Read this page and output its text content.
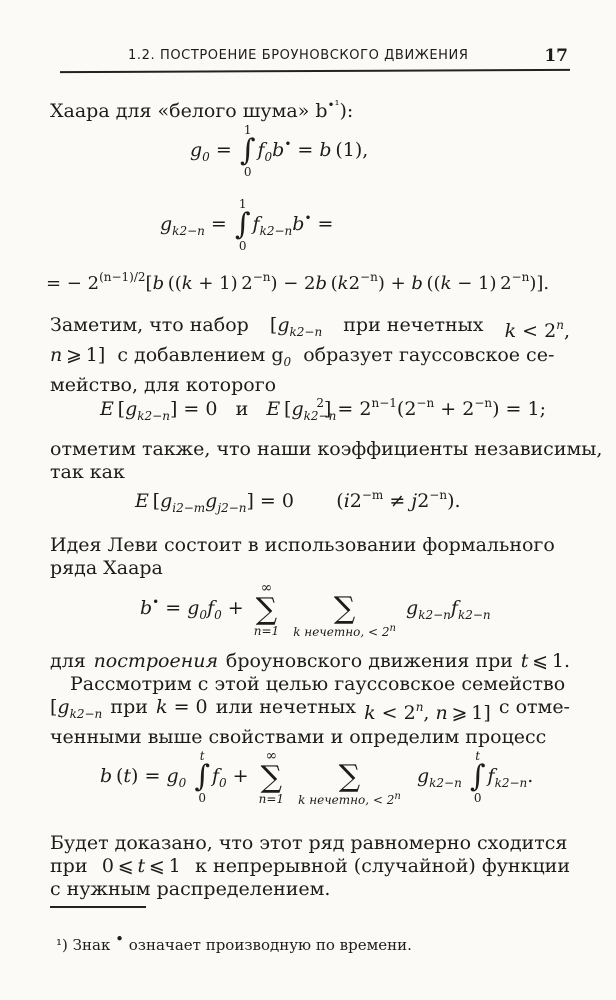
1.2. ПОСТРОЕНИЕ БРОУНОВСКОГО ДВИЖЕНИЯ	17
Хаара для «белого шума» $b^{•^1}$):
$g_0$ =
1
∫
0
$f_0b^• = b$ (1),
$g_{k2-n}$ =
1
∫
0
$f_{k2-n}b^•$ =
= − $2^{(n-1)/2}[b$ ((k + 1) $2^{-n}) - 2b$ $(k2^{-n}) + b$ ((k − 1) $2^{-n}$)].
Заметим, что набор [$g_{k2-n}$ при нечетных $k < 2^n$,
n ⩾ 1]  с добавлением $g_0$ образует гауссовское се-
мейство, для которого
E $[g_{k2-n}] = 0$   и   E $[g_{k2-n}^2] = 2^{n-1}(2^{-n} + 2^{-n}) = 1$;
отметим также, что наши коэффициенты независимы,
так как
E $[g_{i2-m}g_{j2-n}] = 0$       $(i2^{-m} \ne j2^{-n})$.
Идея Леви состоит в использовании формального
ряда Хаара
$b^• = g_0f_0$ +
∞
∑
n=1

∑
k нечетно, < $2^n$
$g_{k2-n}f_{k2-n}$
для построения броуновского движения при t ⩽ 1.
Рассмотрим с этой целью гауссовское семейство
[$g_{k2-n}$ при k = 0 или нечетных $k < 2^n$, n ⩾ 1] с отме-
ченными выше свойствами и определим процесс
b $(t) = g_0$
t
∫
0
$f_0$ +
∞
∑
n=1

∑
k нечетно, < $2^n$
$g_{k2-n}$
t
∫
0
$f_{k2-n}$.
Будет доказано, что этот ряд равномерно сходится
при 0 ⩽ t ⩽ 1 к непрерывной (случайной) функции
с нужным распределением.
¹) Знак • означает производную по времени.
